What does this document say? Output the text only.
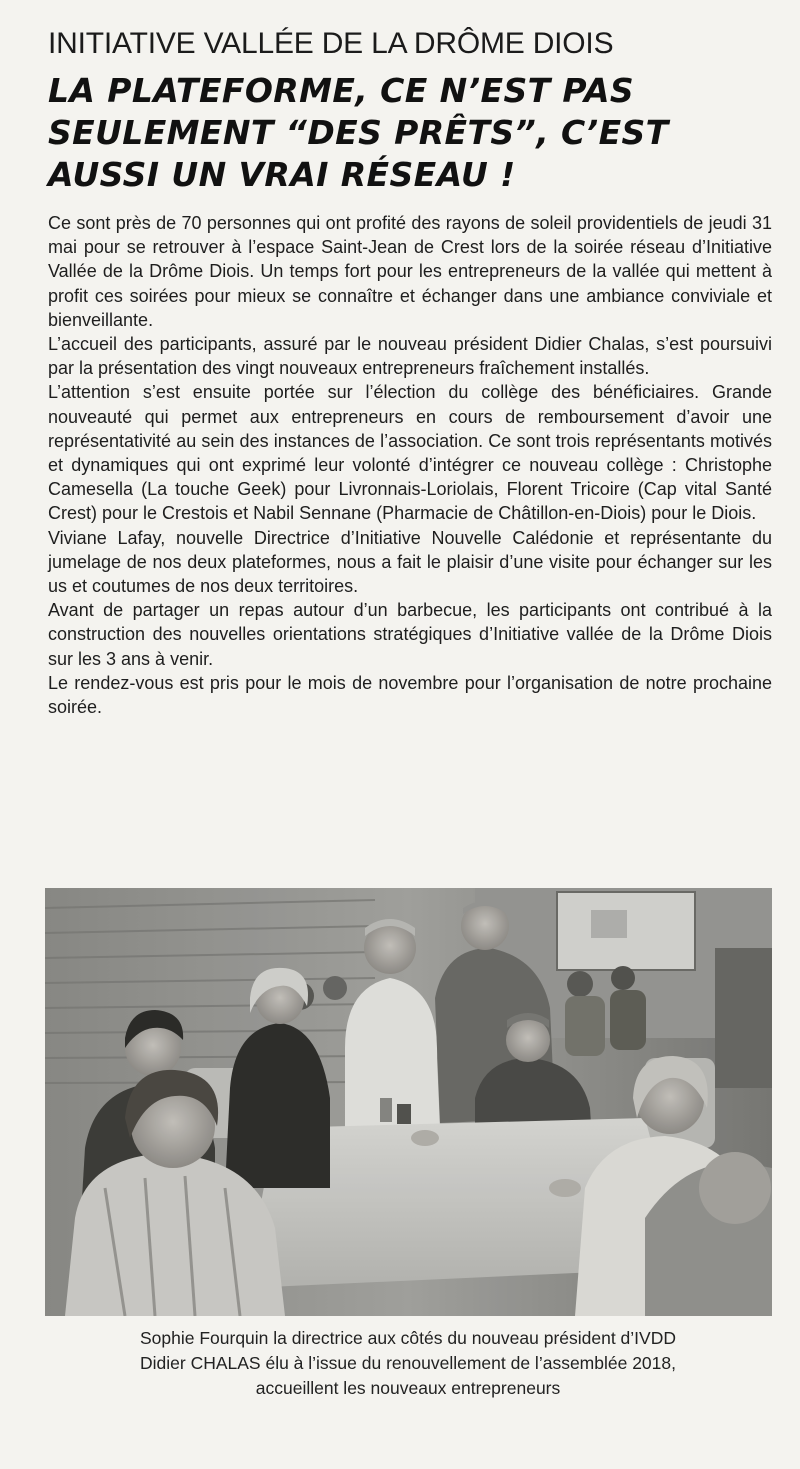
INITIATIVE VALLÉE DE LA DRÔME DIOIS
LA PLATEFORME, CE N’EST PAS
SEULEMENT “DES PRÊTS”, C’EST
AUSSI UN VRAI RÉSEAU !

Ce sont près de 70 personnes qui ont profité des rayons de soleil providentiels de jeudi 31 mai pour se retrouver à l’espace Saint-Jean de Crest lors de la soirée réseau d’Initiative Vallée de la Drôme Diois. Un temps fort pour les entrepreneurs de la vallée qui mettent à profit ces soirées pour mieux se connaître et échanger dans une ambiance conviviale et bienveillante.

L’accueil des participants, assuré par le nouveau président Didier Chalas, s’est poursuivi par la présentation des vingt nouveaux entrepreneurs fraîchement installés.

L’attention s’est ensuite portée sur l’élection du collège des bénéficiaires. Grande nouveauté qui permet aux entrepreneurs en cours de remboursement d’avoir une représentativité au sein des instances de l’association. Ce sont trois représentants motivés et dynamiques qui ont exprimé leur volonté d’intégrer ce nouveau collège : Christophe Camesella (La touche Geek) pour Livronnais-Loriolais, Florent Tricoire (Cap vital Santé Crest) pour le Crestois et Nabil Sennane (Pharmacie de Châtillon-en-Diois) pour le Diois.

Viviane Lafay, nouvelle Directrice d’Initiative Nouvelle Calédonie et représentante du jumelage de nos deux plateformes, nous a fait le plaisir d’une visite pour échanger sur les us et coutumes de nos deux territoires.

Avant de partager un repas autour d’un barbecue, les participants ont contribué à la construction des nouvelles orientations stratégiques d’Initiative vallée de la Drôme Diois sur les 3 ans à venir.

Le rendez-vous est pris pour le mois de novembre pour l’organisation de notre prochaine soirée.

Sophie Fourquin la directrice aux côtés du nouveau président d’IVDD
Didier CHALAS élu à l’issue du renouvellement de l’assemblée 2018,
accueillent les nouveaux entrepreneurs
